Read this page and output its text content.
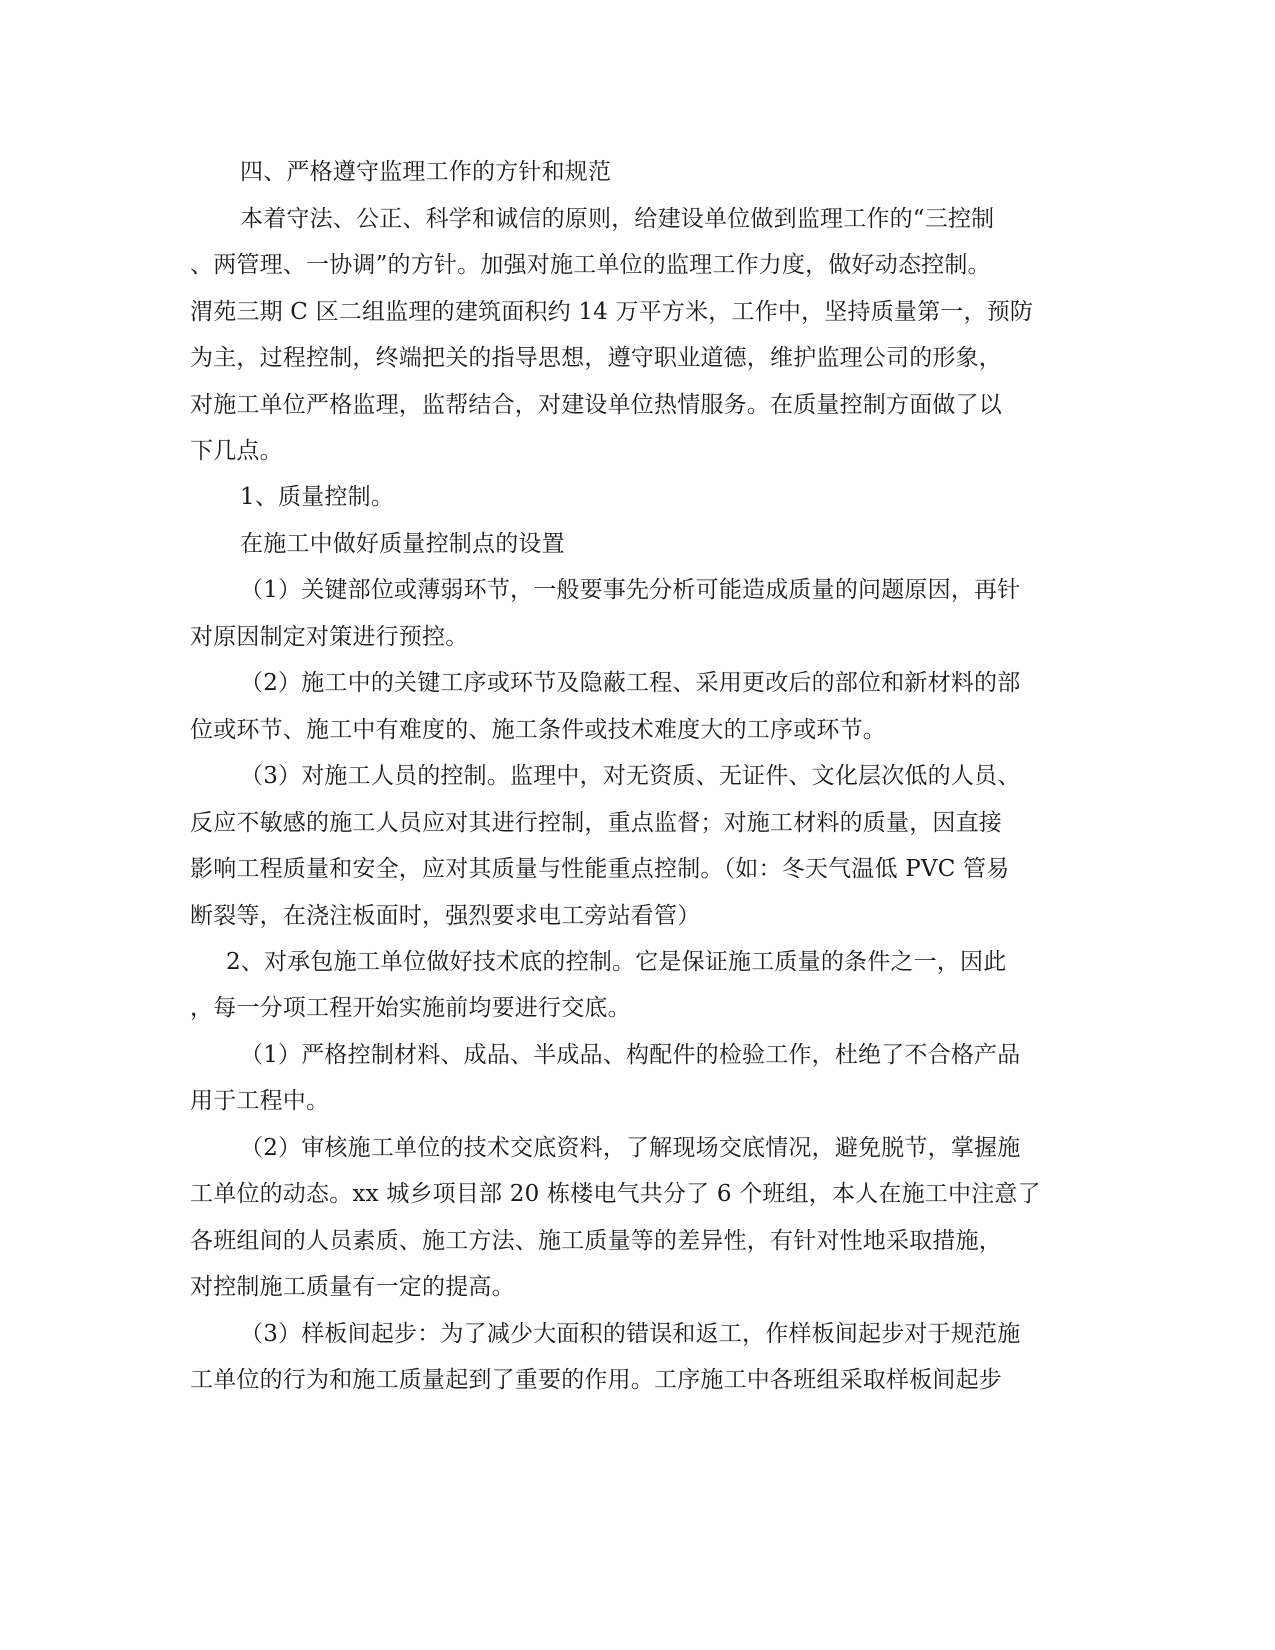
四、严格遵守监理工作的方针和规范
本着守法、公正、科学和诚信的原则，给建设单位做到监理工作的“三控制
、两管理、一协调”的方针。加强对施工单位的监理工作力度，做好动态控制。
渭苑三期 C 区二组监理的建筑面积约 14 万平方米，工作中，坚持质量第一，预防
为主，过程控制，终端把关的指导思想，遵守职业道德，维护监理公司的形象，
对施工单位严格监理，监帮结合，对建设单位热情服务。在质量控制方面做了以
下几点。
1、质量控制。
在施工中做好质量控制点的设置
（1）关键部位或薄弱环节，一般要事先分析可能造成质量的问题原因，再针
对原因制定对策进行预控。
（2）施工中的关键工序或环节及隐蔽工程、采用更改后的部位和新材料的部
位或环节、施工中有难度的、施工条件或技术难度大的工序或环节。
（3）对施工人员的控制。监理中，对无资质、无证件、文化层次低的人员、
反应不敏感的施工人员应对其进行控制，重点监督；对施工材料的质量，因直接
影响工程质量和安全，应对其质量与性能重点控制。（如：冬天气温低 PVC 管易
断裂等，在浇注板面时，强烈要求电工旁站看管）
2、对承包施工单位做好技术底的控制。它是保证施工质量的条件之一，因此
，每一分项工程开始实施前均要进行交底。
（1）严格控制材料、成品、半成品、构配件的检验工作，杜绝了不合格产品
用于工程中。
（2）审核施工单位的技术交底资料，了解现场交底情况，避免脱节，掌握施
工单位的动态。xx 城乡项目部 20 栋楼电气共分了 6 个班组，本人在施工中注意了
各班组间的人员素质、施工方法、施工质量等的差异性，有针对性地采取措施，
对控制施工质量有一定的提高。
（3）样板间起步：为了减少大面积的错误和返工，作样板间起步对于规范施
工单位的行为和施工质量起到了重要的作用。工序施工中各班组采取样板间起步
